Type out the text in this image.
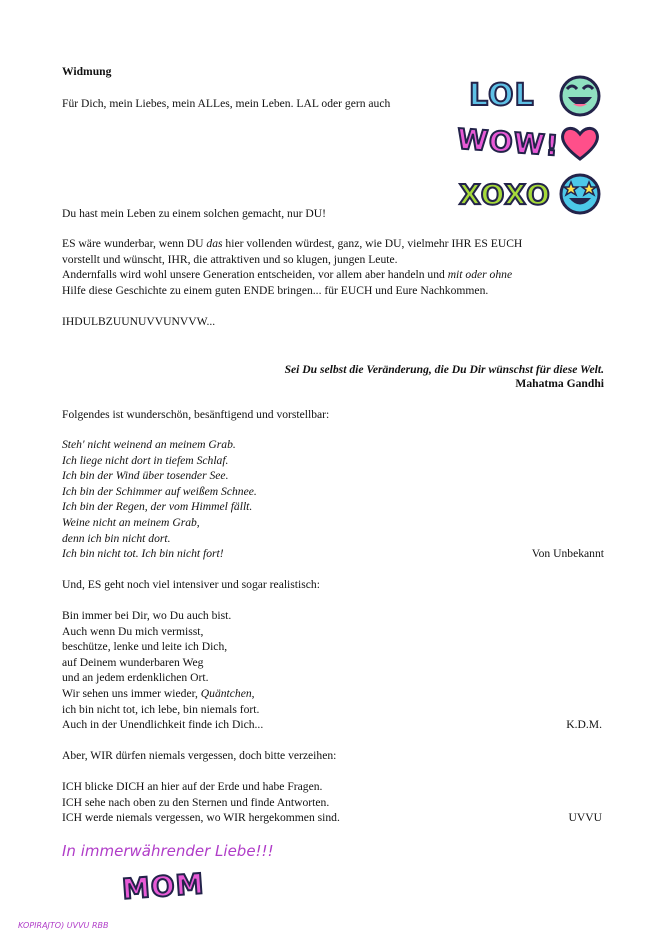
Widmung
Für Dich, mein Liebes, mein ALLes, mein Leben. LAL oder gern auch	LOL
WOW!
XOXO
Du hast mein Leben zu einem solchen gemacht, nur DU!
ES wäre wunderbar, wenn DU das hier vollenden würdest, ganz, wie DU, vielmehr IHR ES EUCH
vorstellt und wünscht, IHR, die attraktiven und so klugen, jungen Leute.
Andernfalls wird wohl unsere Generation entscheiden, vor allem aber handeln und mit oder ohne
Hilfe diese Geschichte zu einem guten ENDE bringen... für EUCH und Eure Nachkommen.
IHDULBZUUNUVVUNVVW...
Sei Du selbst die Veränderung, die Du Dir wünschst für diese Welt.
Mahatma Gandhi
Folgendes ist wunderschön, besänftigend und vorstellbar:
Steh' nicht weinend an meinem Grab.
Ich liege nicht dort in tiefem Schlaf.
Ich bin der Wind über tosender See.
Ich bin der Schimmer auf weißem Schnee.
Ich bin der Regen, der vom Himmel fällt.
Weine nicht an meinem Grab,
denn ich bin nicht dort.
Ich bin nicht tot. Ich bin nicht fort!	Von Unbekannt
Und, ES geht noch viel intensiver und sogar realistisch:
Bin immer bei Dir, wo Du auch bist.
Auch wenn Du mich vermisst,
beschütze, lenke und leite ich Dich,
auf Deinem wunderbaren Weg
und an jedem erdenklichen Ort.
Wir sehen uns immer wieder, Quäntchen,
ich bin nicht tot, ich lebe, bin niemals fort.
Auch in der Unendlichkeit finde ich Dich...	K.D.M.
Aber, WIR dürfen niemals vergessen, doch bitte verzeihen:
ICH blicke DICH an hier auf der Erde und habe Fragen.
ICH sehe nach oben zu den Sternen und finde Antworten.
ICH werde niemals vergessen, wo WIR hergekommen sind.	UVVU
In immerwährender Liebe!!!
MOM
KOPIRAJTO) UVVU RBB
